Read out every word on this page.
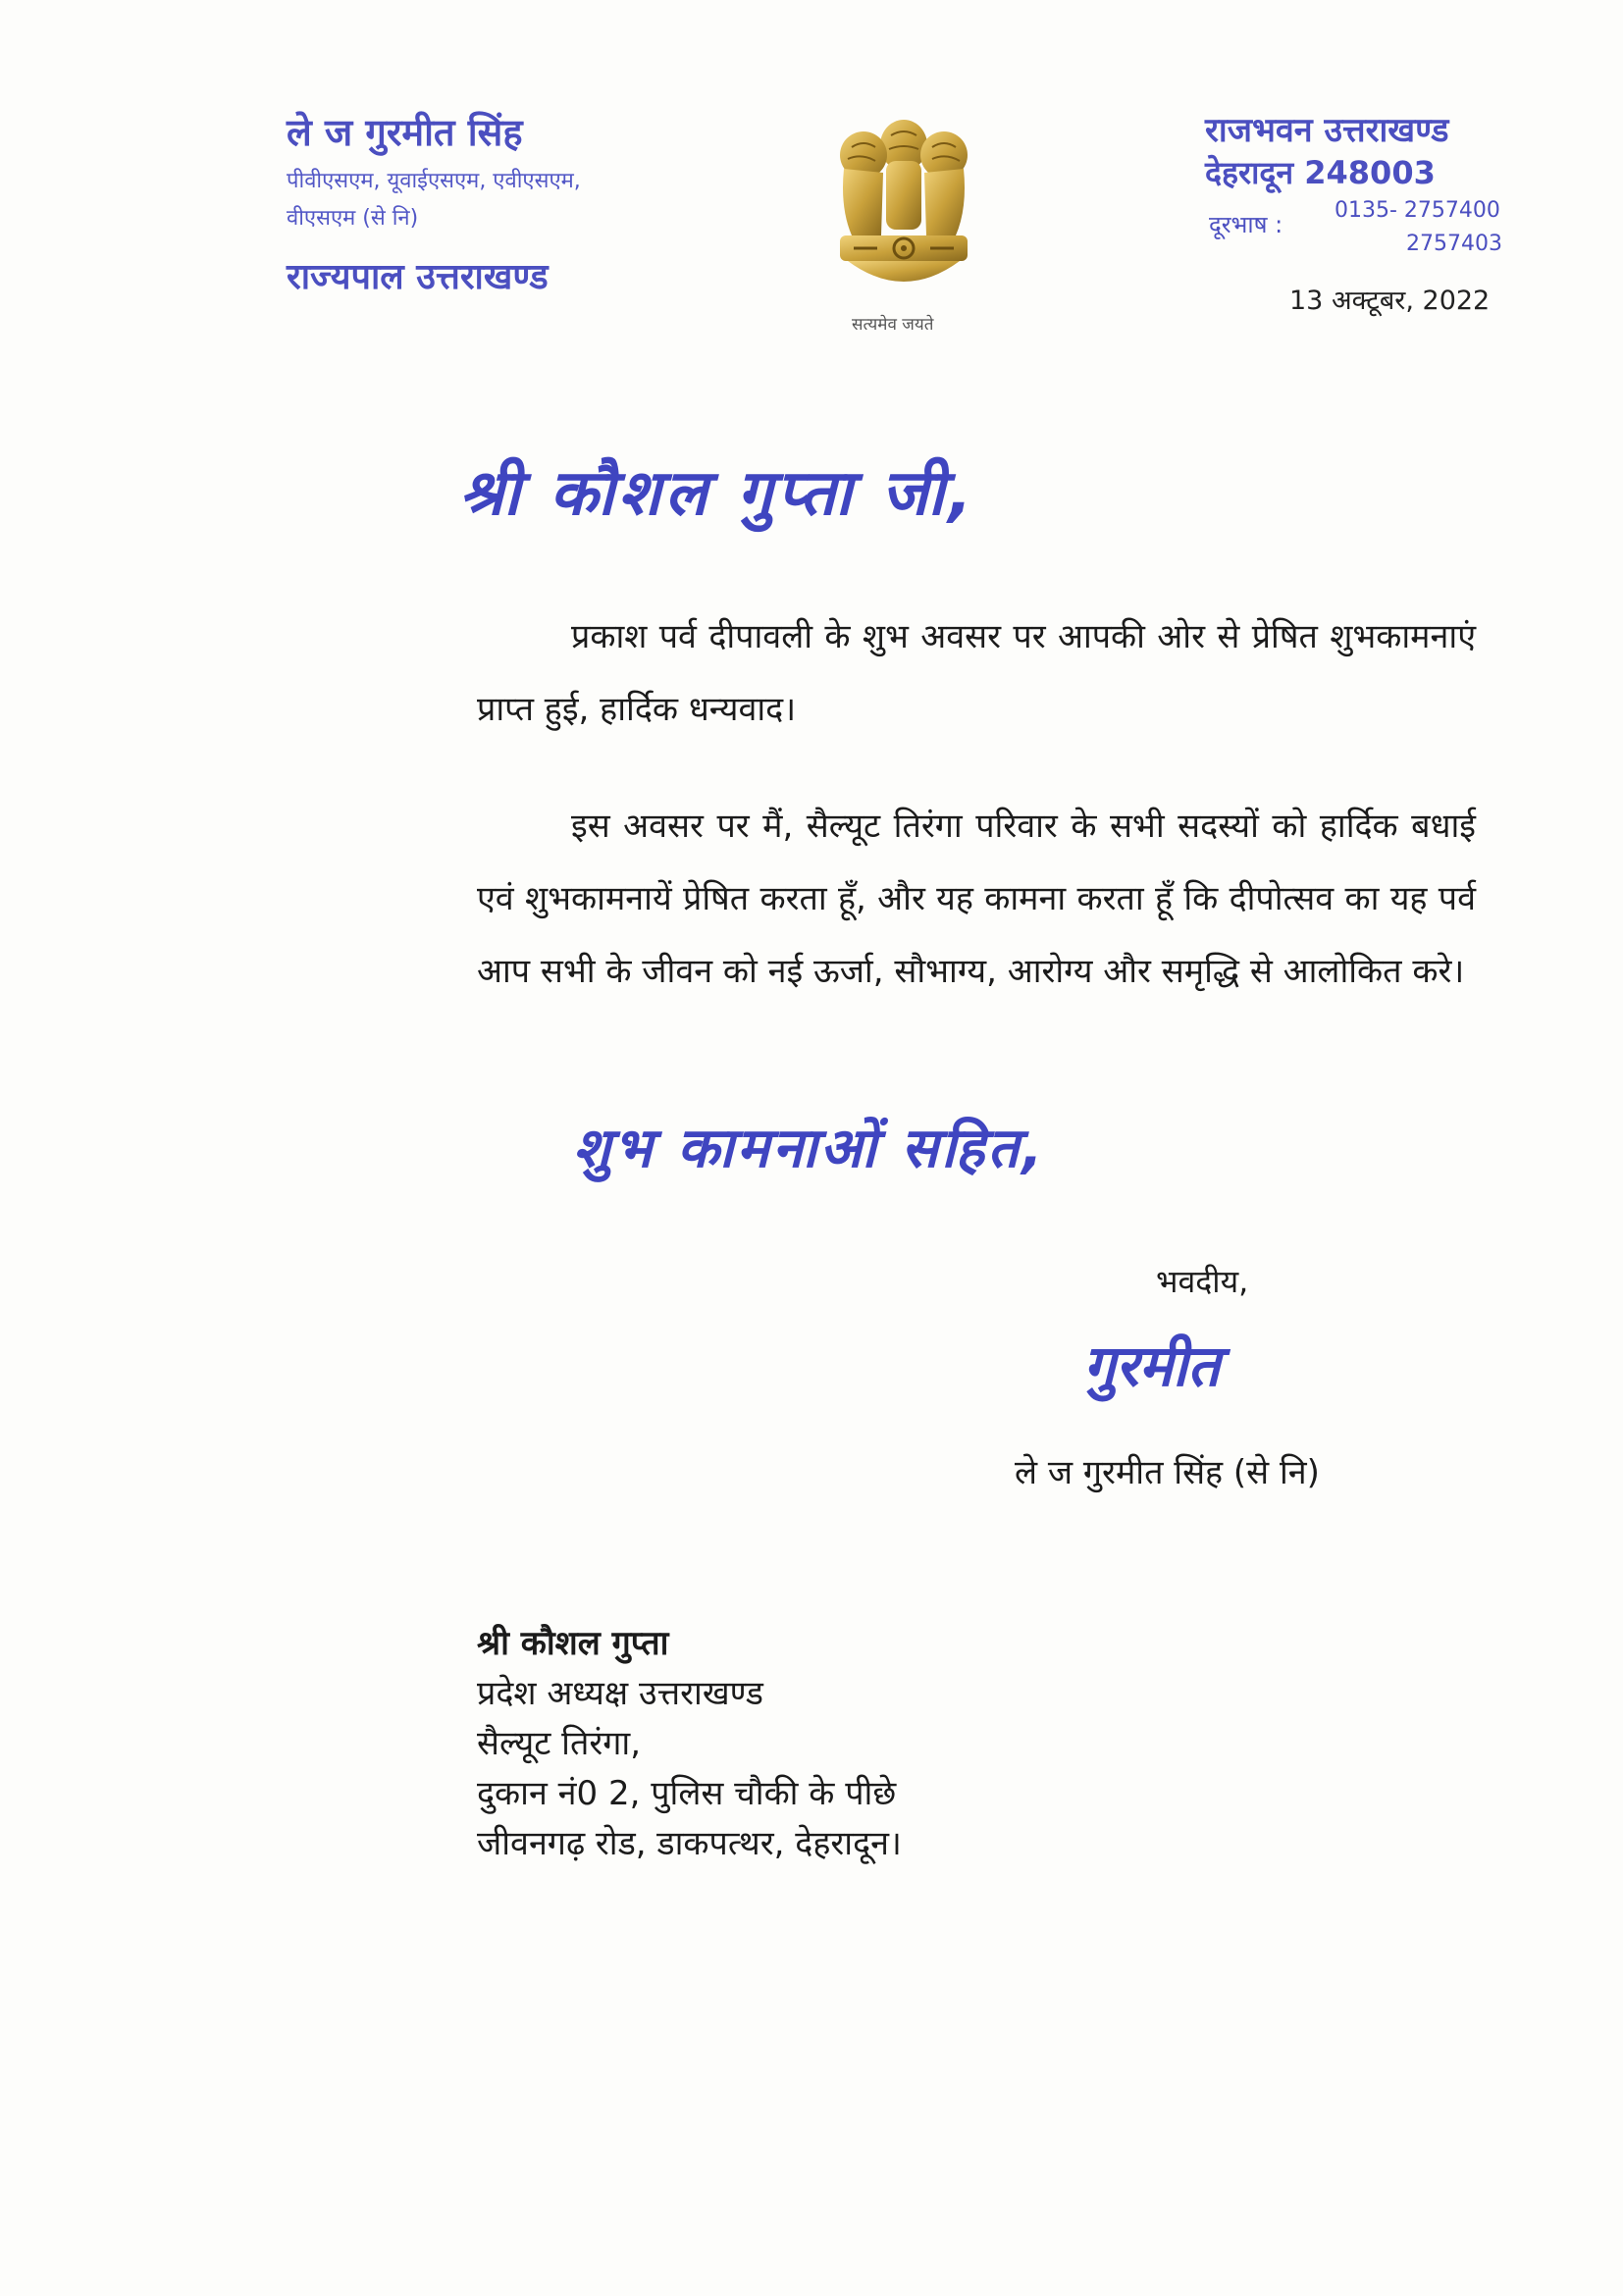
ले ज गुरमीत सिंह
पीवीएसएम, यूवाईएसएम, एवीएसएम,
वीएसएम (से नि)
राज्यपाल उत्तराखण्ड
सत्यमेव जयते
राजभवन उत्तराखण्ड
देहरादून 248003
दूरभाष :
0135- 2757400
2757403
13 अक्टूबर, 2022
श्री कौशल गुप्ता जी,
प्रकाश पर्व दीपावली के शुभ अवसर पर आपकी ओर से प्रेषित शुभकामनाएं प्राप्त हुई, हार्दिक धन्यवाद।
इस अवसर पर मैं, सैल्यूट तिरंगा परिवार के सभी सदस्यों को हार्दिक बधाई एवं शुभकामनायें प्रेषित करता हूँ, और यह कामना करता हूँ कि दीपोत्सव का यह पर्व आप सभी के जीवन को नई ऊर्जा, सौभाग्य, आरोग्य और समृद्धि से आलोकित करे।
शुभ कामनाओं सहित,
भवदीय,
गुरमीत
ले ज गुरमीत सिंह (से नि)
श्री कौशल गुप्ता
प्रदेश अध्यक्ष उत्तराखण्ड
सैल्यूट तिरंगा,
दुकान नं0 2, पुलिस चौकी के पीछे
जीवनगढ़ रोड, डाकपत्थर, देहरादून।
